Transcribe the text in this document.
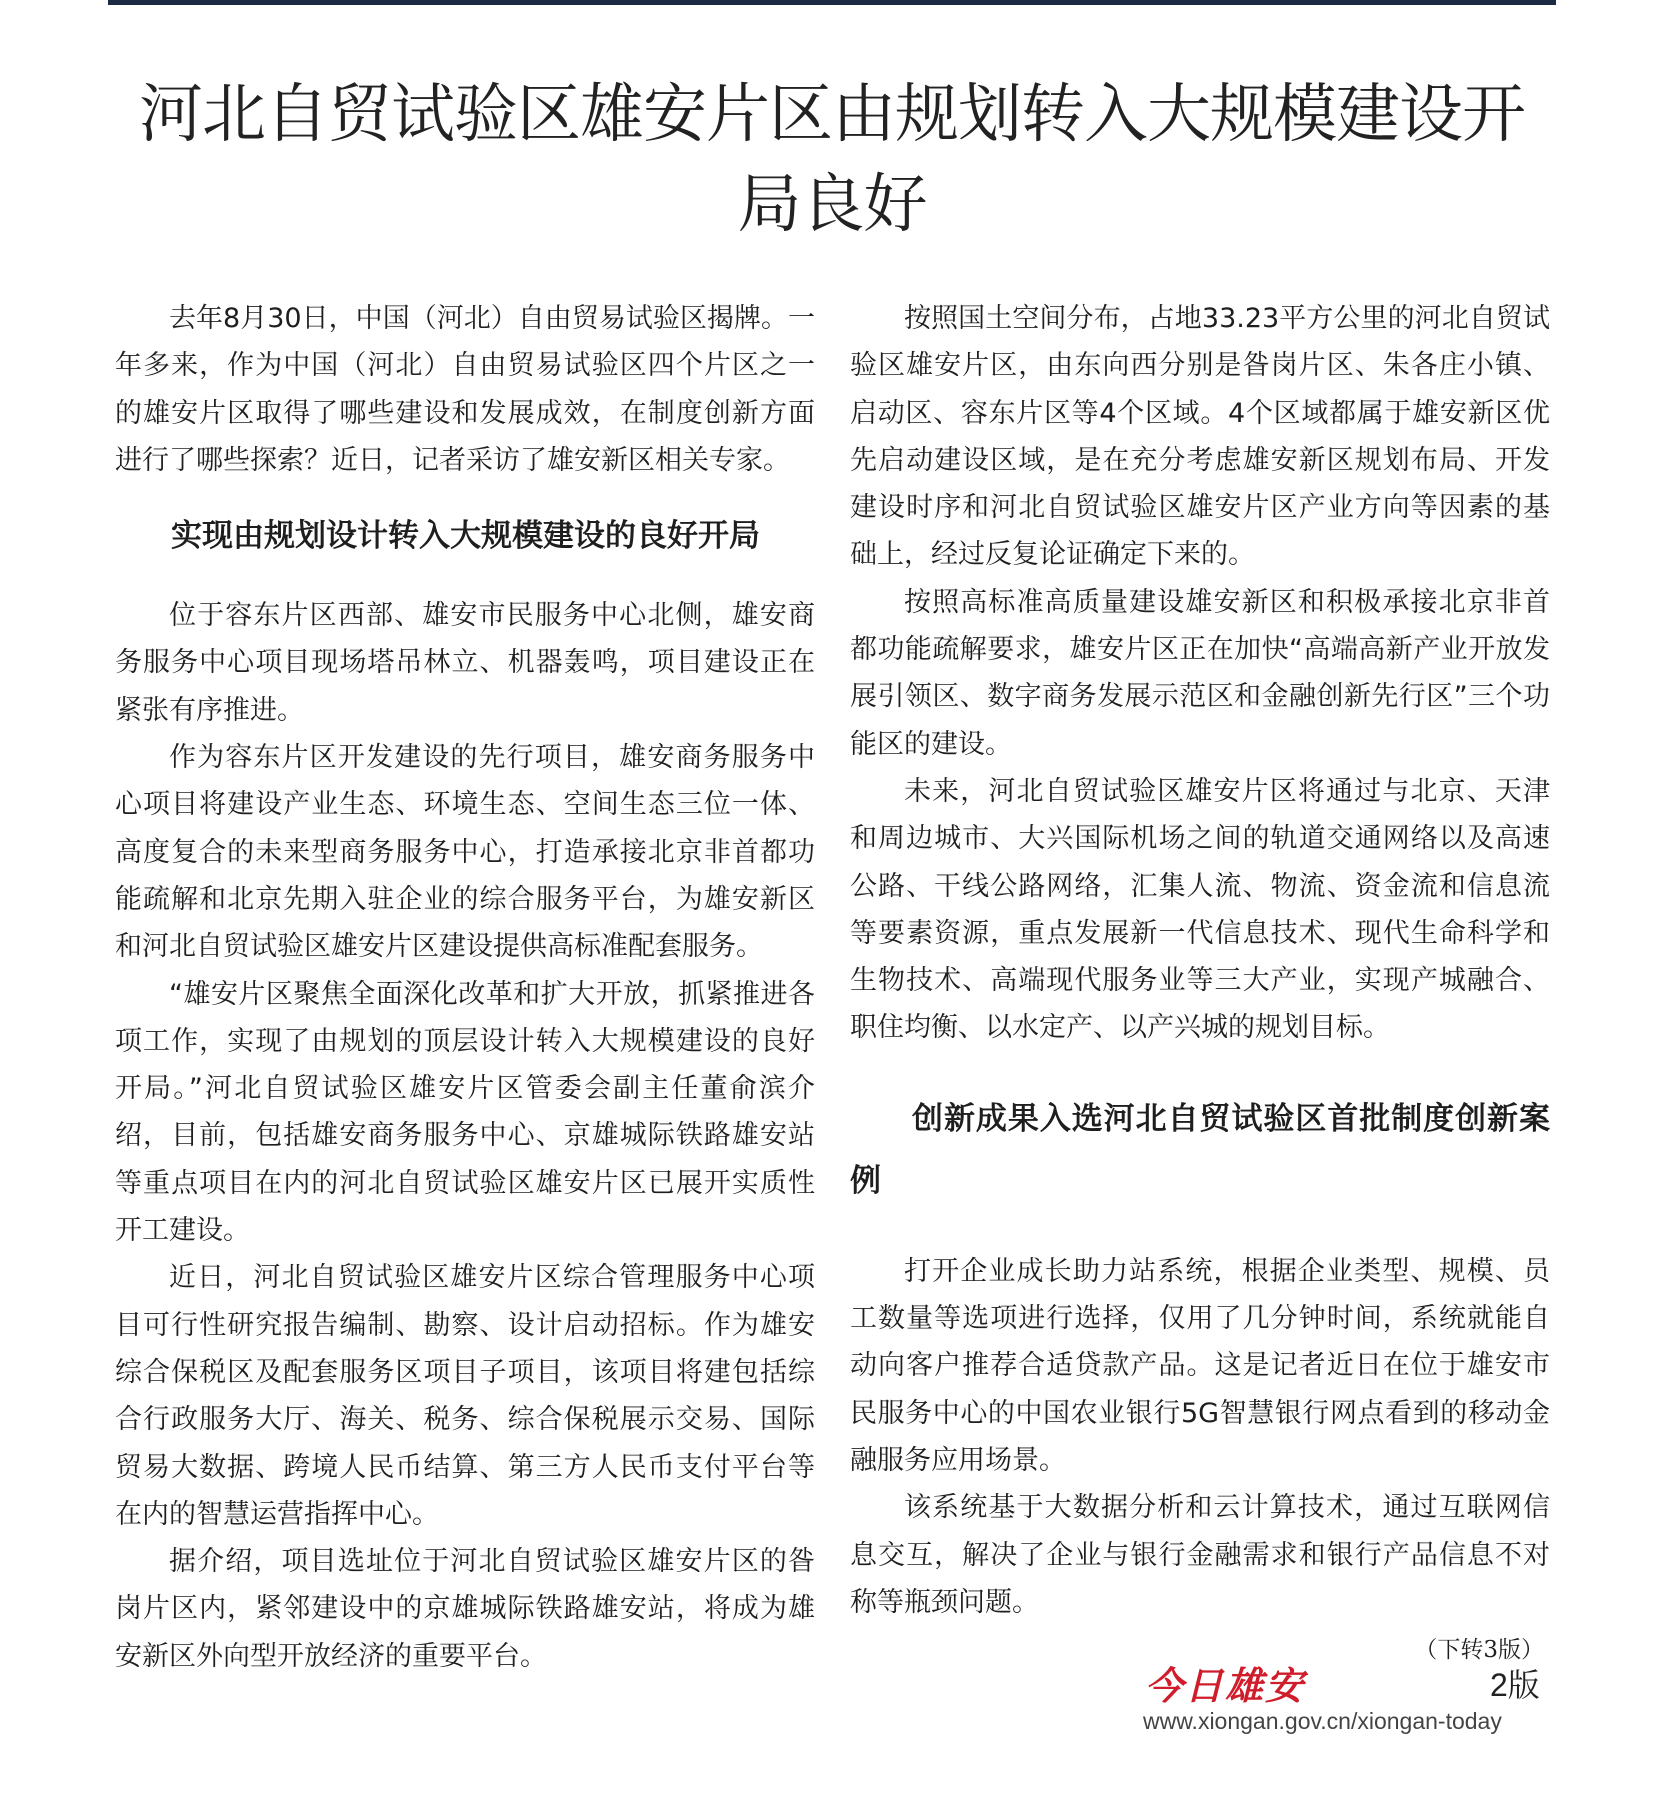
河北自贸试验区雄安片区由规划转入大规模建设开局良好

去年8月30日，中国（河北）自由贸易试验区揭牌。一年多来，作为中国（河北）自由贸易试验区四个片区之一的雄安片区取得了哪些建设和发展成效，在制度创新方面进行了哪些探索？近日，记者采访了雄安新区相关专家。

实现由规划设计转入大规模建设的良好开局

位于容东片区西部、雄安市民服务中心北侧，雄安商务服务中心项目现场塔吊林立、机器轰鸣，项目建设正在紧张有序推进。

作为容东片区开发建设的先行项目，雄安商务服务中心项目将建设产业生态、环境生态、空间生态三位一体、高度复合的未来型商务服务中心，打造承接北京非首都功能疏解和北京先期入驻企业的综合服务平台，为雄安新区和河北自贸试验区雄安片区建设提供高标准配套服务。

“雄安片区聚焦全面深化改革和扩大开放，抓紧推进各项工作，实现了由规划的顶层设计转入大规模建设的良好开局。”河北自贸试验区雄安片区管委会副主任董俞滨介绍，目前，包括雄安商务服务中心、京雄城际铁路雄安站等重点项目在内的河北自贸试验区雄安片区已展开实质性开工建设。

近日，河北自贸试验区雄安片区综合管理服务中心项目可行性研究报告编制、勘察、设计启动招标。作为雄安综合保税区及配套服务区项目子项目，该项目将建包括综合行政服务大厅、海关、税务、综合保税展示交易、国际贸易大数据、跨境人民币结算、第三方人民币支付平台等在内的智慧运营指挥中心。

据介绍，项目选址位于河北自贸试验区雄安片区的昝岗片区内，紧邻建设中的京雄城际铁路雄安站，将成为雄安新区外向型开放经济的重要平台。

按照国土空间分布，占地33.23平方公里的河北自贸试验区雄安片区，由东向西分别是昝岗片区、朱各庄小镇、启动区、容东片区等4个区域。4个区域都属于雄安新区优先启动建设区域，是在充分考虑雄安新区规划布局、开发建设时序和河北自贸试验区雄安片区产业方向等因素的基础上，经过反复论证确定下来的。

按照高标准高质量建设雄安新区和积极承接北京非首都功能疏解要求，雄安片区正在加快“高端高新产业开放发展引领区、数字商务发展示范区和金融创新先行区”三个功能区的建设。

未来，河北自贸试验区雄安片区将通过与北京、天津和周边城市、大兴国际机场之间的轨道交通网络以及高速公路、干线公路网络，汇集人流、物流、资金流和信息流等要素资源，重点发展新一代信息技术、现代生命科学和生物技术、高端现代服务业等三大产业，实现产城融合、职住均衡、以水定产、以产兴城的规划目标。

创新成果入选河北自贸试验区首批制度创新案例

打开企业成长助力站系统，根据企业类型、规模、员工数量等选项进行选择，仅用了几分钟时间，系统就能自动向客户推荐合适贷款产品。这是记者近日在位于雄安市民服务中心的中国农业银行5G智慧银行网点看到的移动金融服务应用场景。

该系统基于大数据分析和云计算技术，通过互联网信息交互，解决了企业与银行金融需求和银行产品信息不对称等瓶颈问题。

（下转3版）
今日雄安	2版
www.xiongan.gov.cn/xiongan-today
